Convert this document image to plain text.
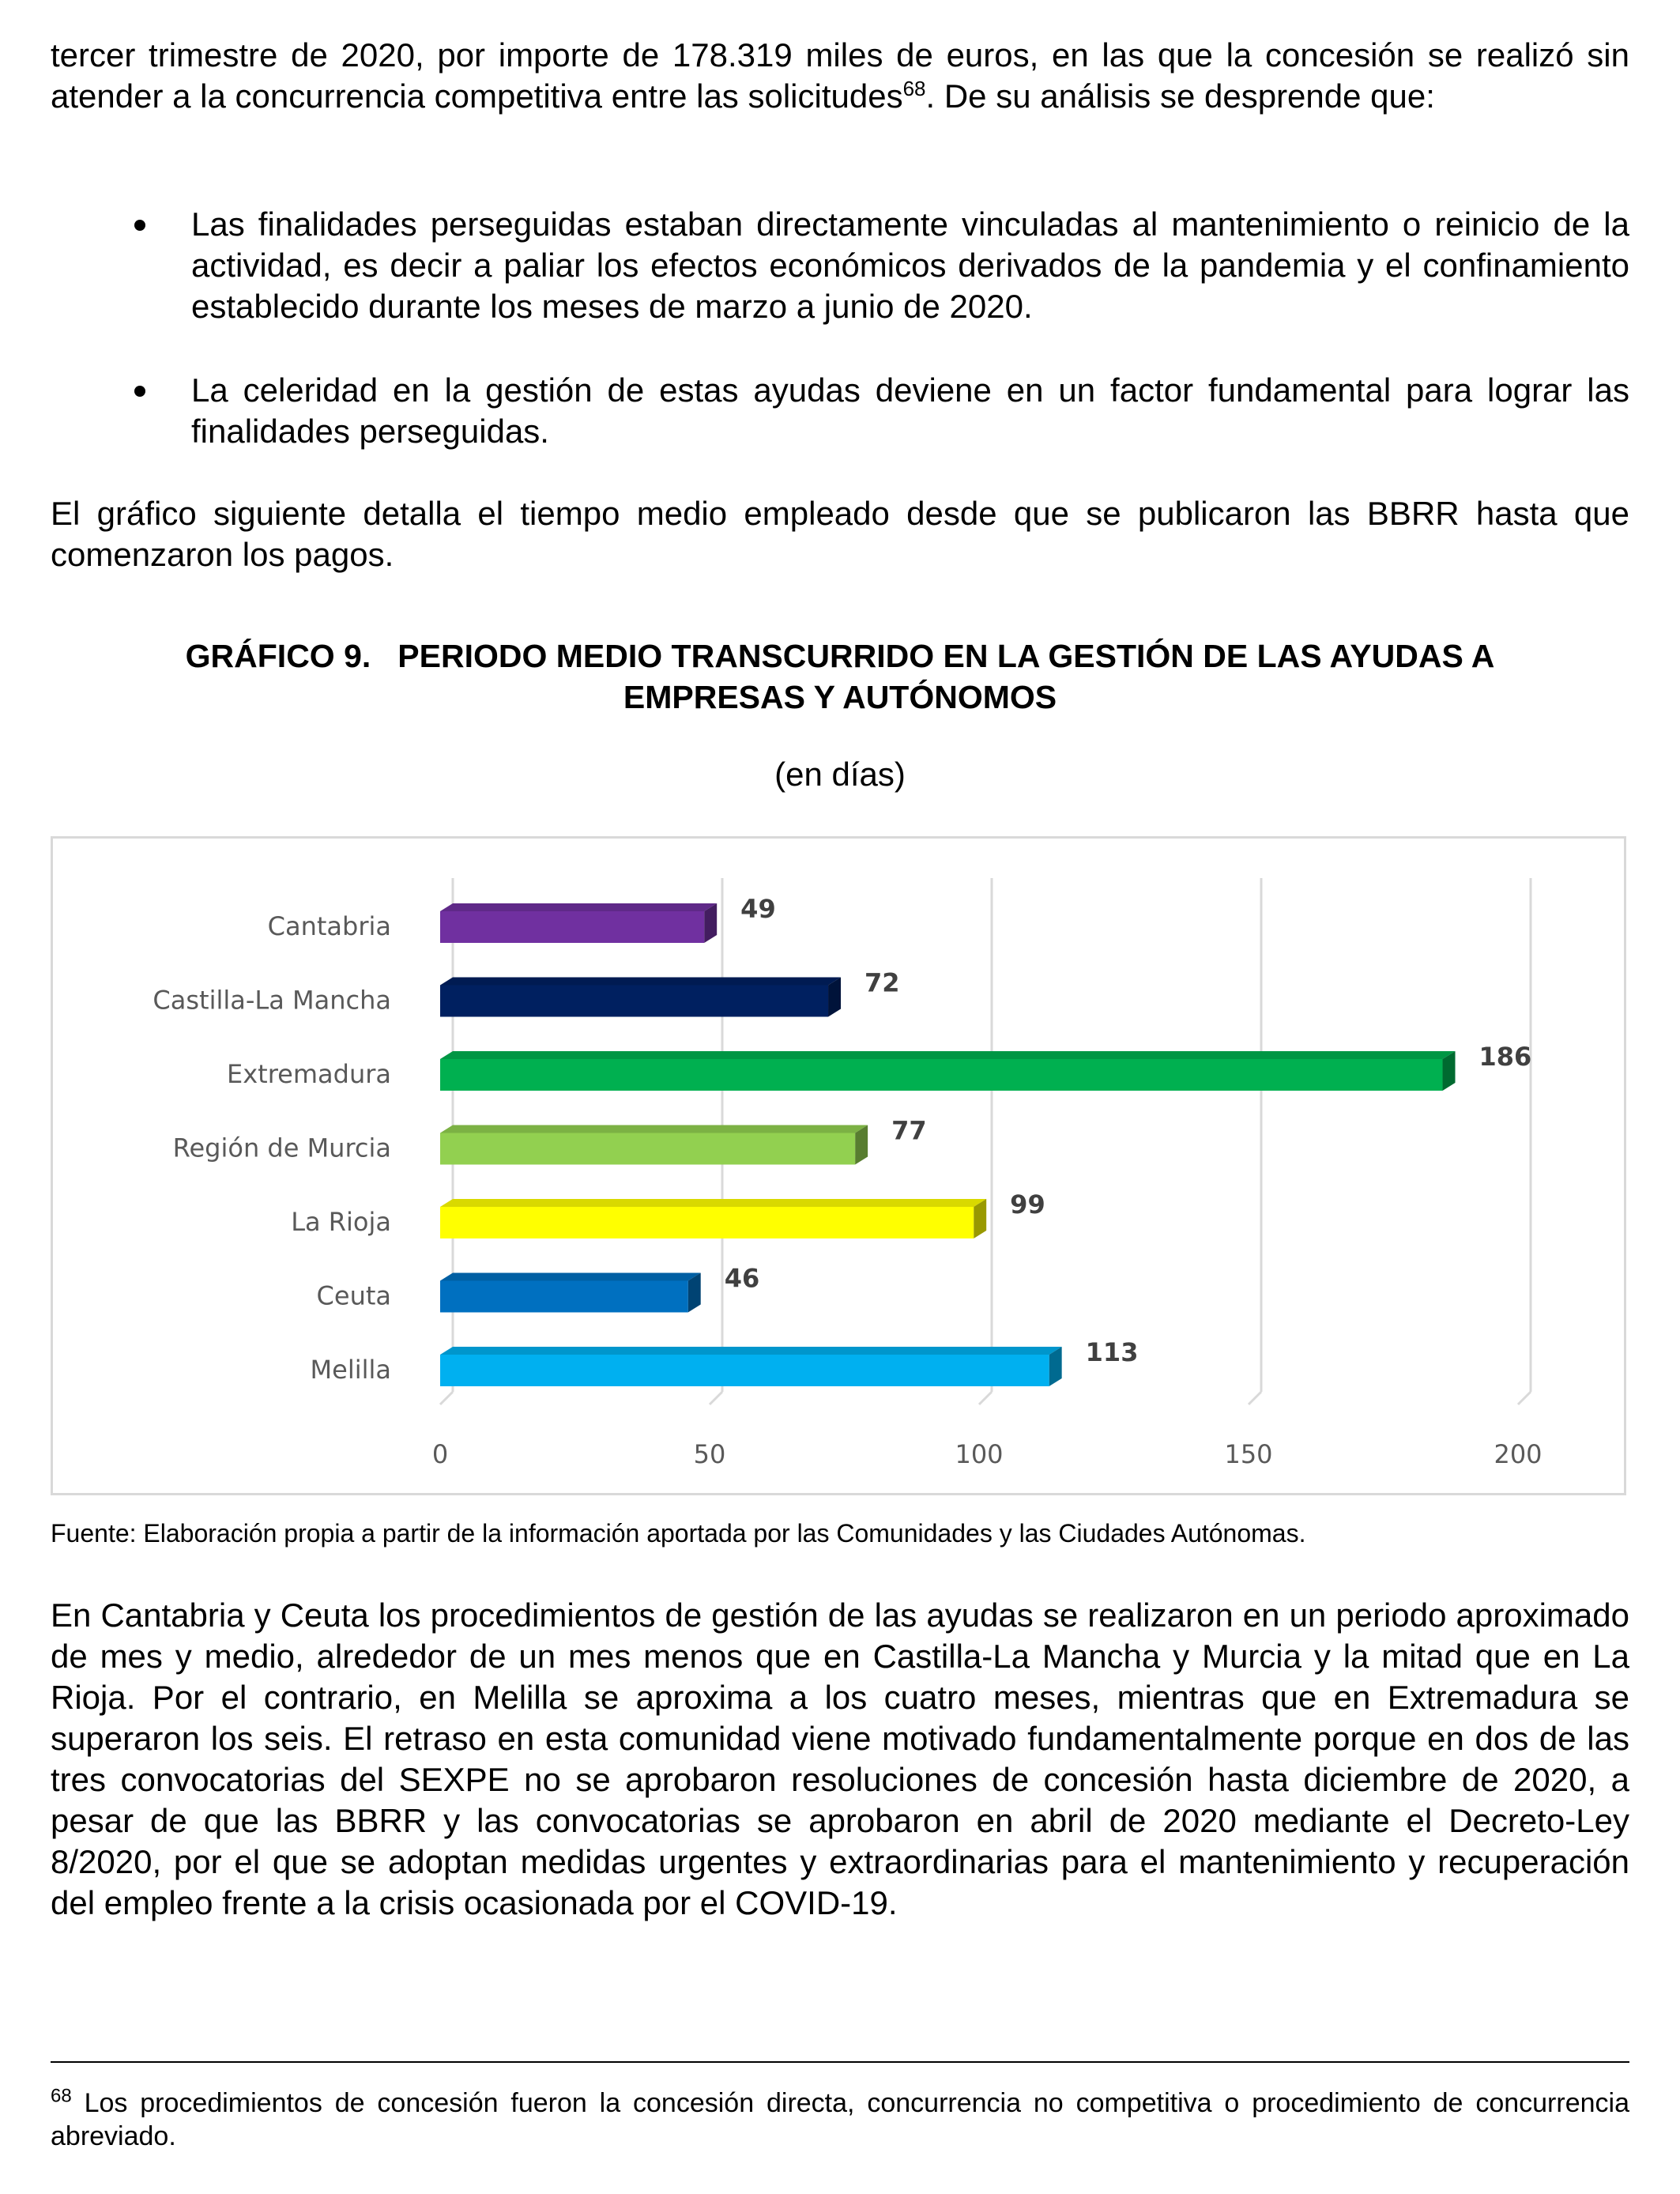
tercer trimestre de 2020, por importe de 178.319 miles de euros, en las que la concesión se realizó sin atender a la concurrencia competitiva entre las solicitudes$^{68}$. De su análisis se desprende que:

Las finalidades perseguidas estaban directamente vinculadas al mantenimiento o reinicio de la actividad, es decir a paliar los efectos económicos derivados de la pandemia y el confinamiento establecido durante los meses de marzo a junio de 2020.

La celeridad en la gestión de estas ayudas deviene en un factor fundamental para lograr las finalidades perseguidas.

El gráfico siguiente detalla el tiempo medio empleado desde que se publicaron las BBRR hasta que comenzaron los pagos.

GRÁFICO 9. PERIODO MEDIO TRANSCURRIDO EN LA GESTIÓN DE LAS AYUDAS A
EMPRESAS Y AUTÓNOMOS
(en días)
0	50	100	150	200
Cantabria
49
Castilla-La Mancha
72
Extremadura
186
Región de Murcia
77
La Rioja
99
Ceuta
46
Melilla
113
Fuente: Elaboración propia a partir de la información aportada por las Comunidades y las Ciudades Autónomas.

En Cantabria y Ceuta los procedimientos de gestión de las ayudas se realizaron en un periodo aproximado de mes y medio, alrededor de un mes menos que en Castilla-La Mancha y Murcia y la mitad que en La Rioja. Por el contrario, en Melilla se aproxima a los cuatro meses, mientras que en Extremadura se superaron los seis. El retraso en esta comunidad viene motivado fundamentalmente porque en dos de las tres convocatorias del SEXPE no se aprobaron resoluciones de concesión hasta diciembre de 2020, a pesar de que las BBRR y las convocatorias se aprobaron en abril de 2020 mediante el Decreto-Ley 8/2020, por el que se adoptan medidas urgentes y extraordinarias para el mantenimiento y recuperación del empleo frente a la crisis ocasionada por el COVID-19.

$^{68}$ Los procedimientos de concesión fueron la concesión directa, concurrencia no competitiva o procedimiento de concurrencia abreviado.
